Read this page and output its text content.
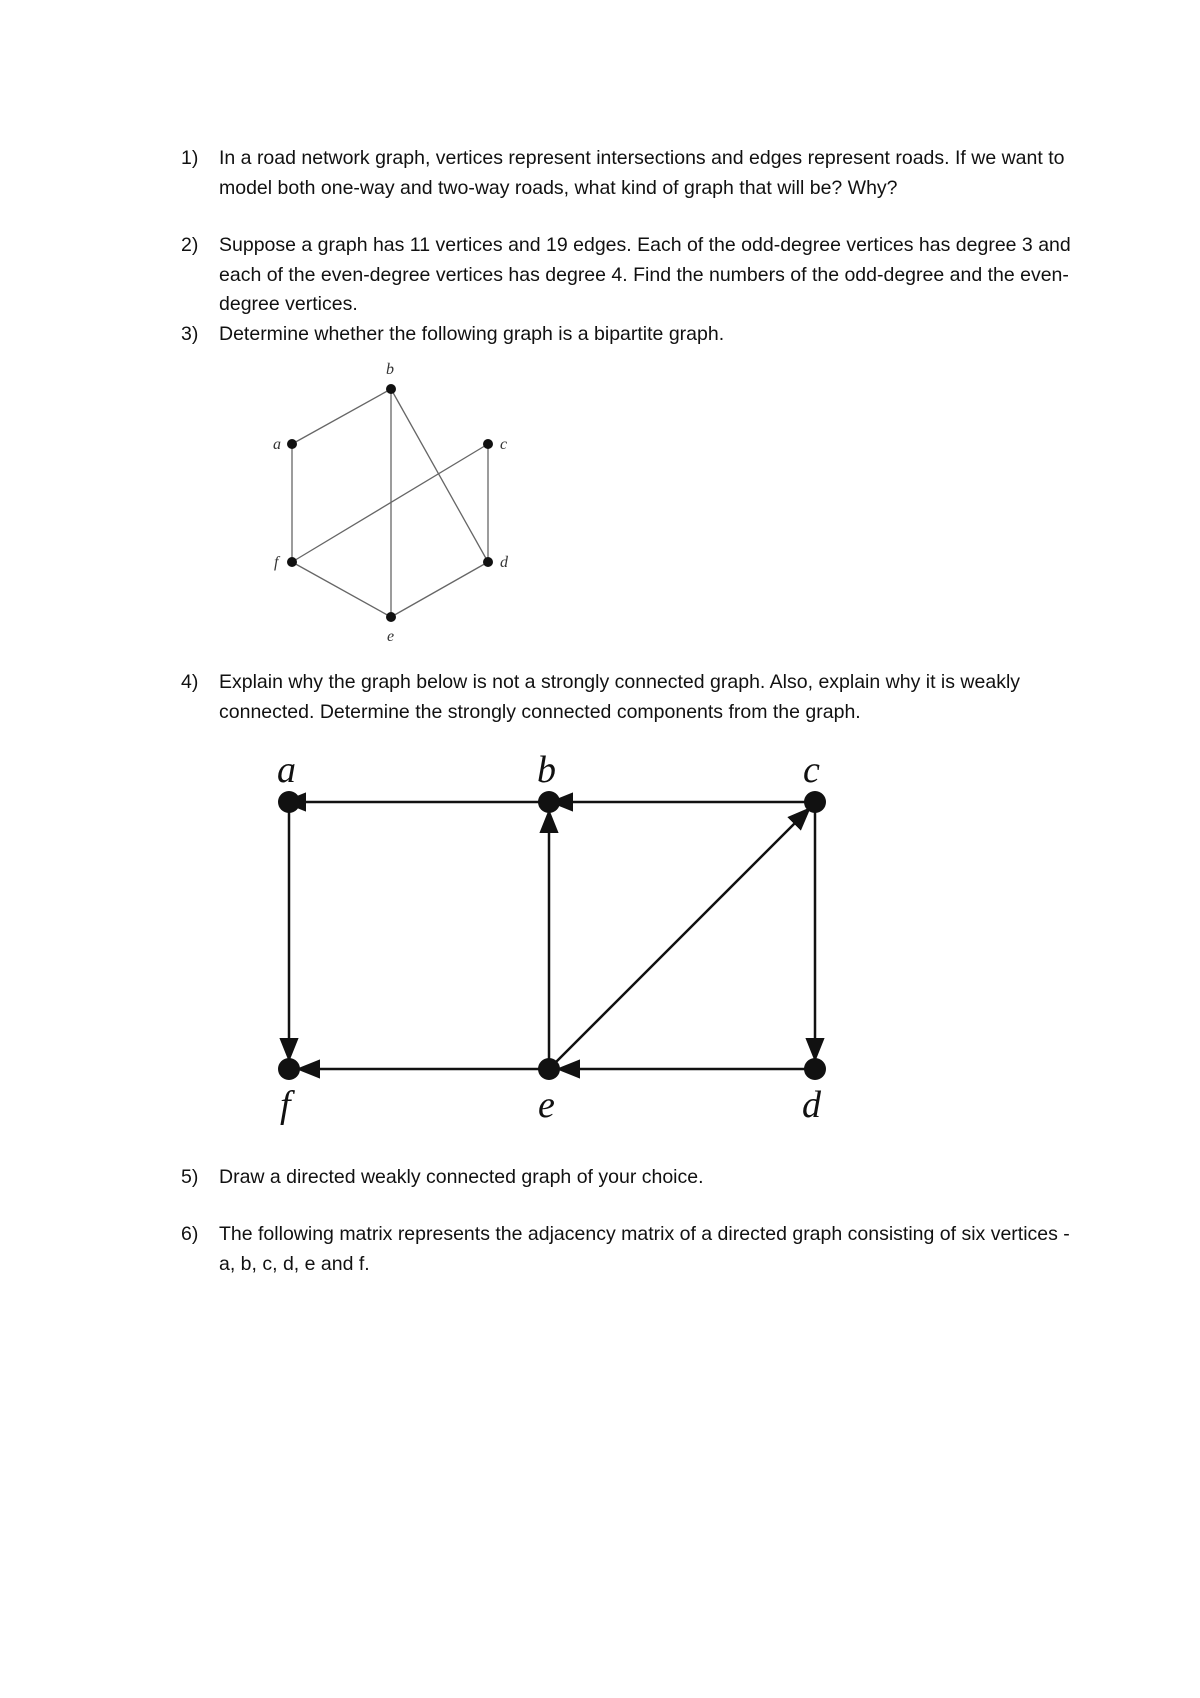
1)	In a road network graph, vertices represent intersections and edges represent roads. If we want to model both one-way and two-way roads, what kind of graph that will be? Why?
2)	Suppose a graph has 11 vertices and 19 edges. Each of the odd-degree vertices has degree 3 and each of the even-degree vertices has degree 4. Find the numbers of the odd-degree and the even-degree vertices.
3)	Determine whether the following graph is a bipartite graph.
a
b
c
d
e
f
4)	Explain why the graph below is not a strongly connected graph. Also, explain why it is weakly connected. Determine the strongly connected components from the graph.
a	b	c
d
e
f
5)	Draw a directed weakly connected graph of your choice.
6)	The following matrix represents the adjacency matrix of a directed graph consisting of six vertices - a, b, c, d, e and f.
